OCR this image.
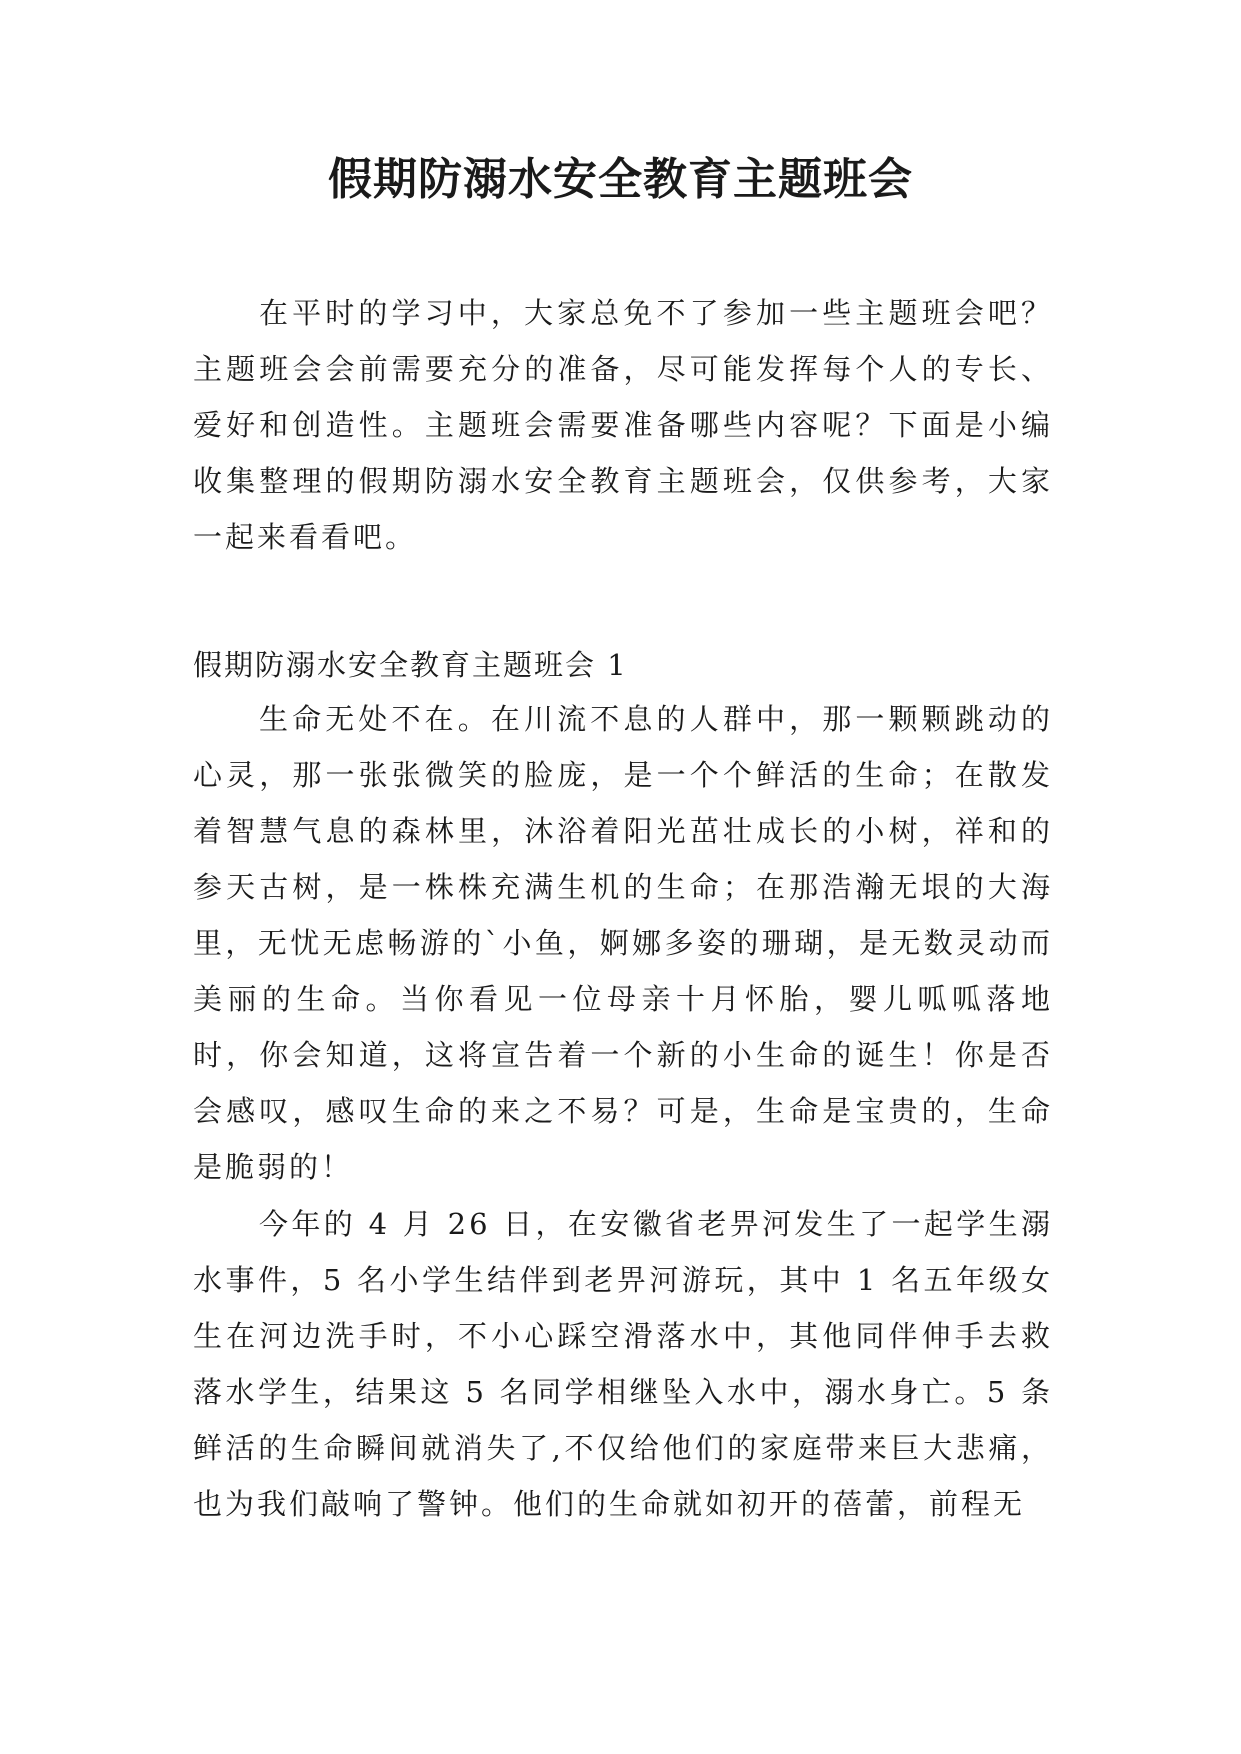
假期防溺水安全教育主题班会

在平时的学习中，大家总免不了参加一些主题班会吧？主题班会会前需要充分的准备，尽可能发挥每个人的专长、爱好和创造性。主题班会需要准备哪些内容呢？下面是小编收集整理的假期防溺水安全教育主题班会，仅供参考，大家一起来看看吧。

假期防溺水安全教育主题班会 1

生命无处不在。在川流不息的人群中，那一颗颗跳动的心灵，那一张张微笑的脸庞，是一个个鲜活的生命；在散发着智慧气息的森林里，沐浴着阳光茁壮成长的小树，祥和的参天古树，是一株株充满生机的生命；在那浩瀚无垠的大海里，无忧无虑畅游的`小鱼，婀娜多姿的珊瑚，是无数灵动而美丽的生命。当你看见一位母亲十月怀胎，婴儿呱呱落地时，你会知道，这将宣告着一个新的小生命的诞生！你是否会感叹，感叹生命的来之不易？可是，生命是宝贵的，生命是脆弱的！

今年的 4 月 26 日，在安徽省老畀河发生了一起学生溺水事件，5 名小学生结伴到老畀河游玩，其中 1 名五年级女生在河边洗手时，不小心踩空滑落水中，其他同伴伸手去救落水学生，结果这 5 名同学相继坠入水中，溺水身亡。5 条鲜活的生命瞬间就消失了,不仅给他们的家庭带来巨大悲痛，也为我们敲响了警钟。他们的生命就如初开的蓓蕾，前程无
